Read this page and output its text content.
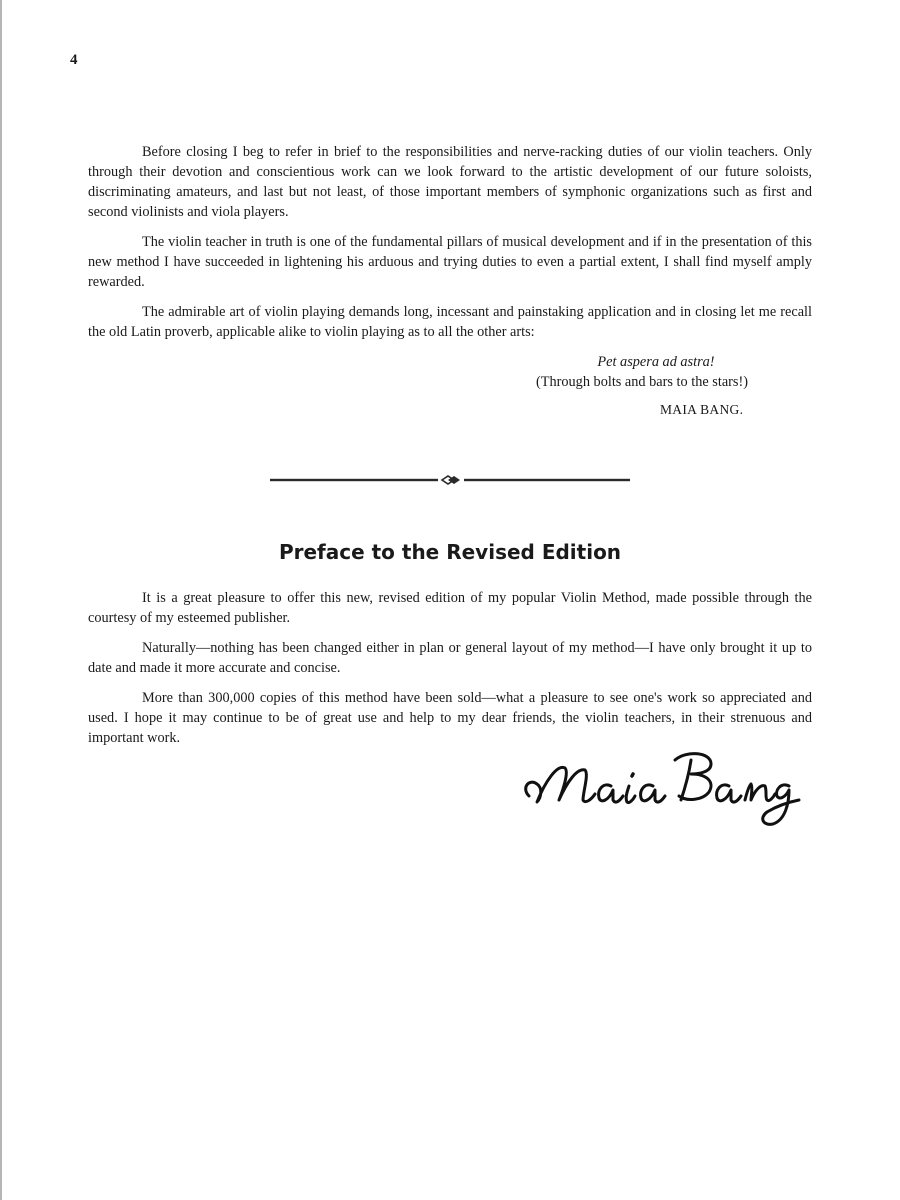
4

Before closing I beg to refer in brief to the responsibilities and nerve-racking duties of our violin teachers. Only through their devotion and conscientious work can we look forward to the artistic development of our future soloists, discriminating amateurs, and last but not least, of those important members of symphonic organizations such as first and second violinists and viola players.

The violin teacher in truth is one of the fundamental pillars of musical development and if in the presentation of this new method I have succeeded in lightening his arduous and trying duties to even a partial extent, I shall find myself amply rewarded.

The admirable art of violin playing demands long, incessant and painstaking application and in closing let me recall the old Latin proverb, applicable alike to violin playing as to all the other arts:

Pet aspera ad astra!
(Through bolts and bars to the stars!)
MAIA BANG.
Preface to the Revised Edition

It is a great pleasure to offer this new, revised edition of my popular Violin Method, made possible through the courtesy of my esteemed publisher.

Naturally—nothing has been changed either in plan or general layout of my method—I have only brought it up to date and made it more accurate and concise.

More than 300,000 copies of this method have been sold—what a pleasure to see one's work so appreciated and used. I hope it may continue to be of great use and help to my dear friends, the violin teachers, in their strenuous and important work.
